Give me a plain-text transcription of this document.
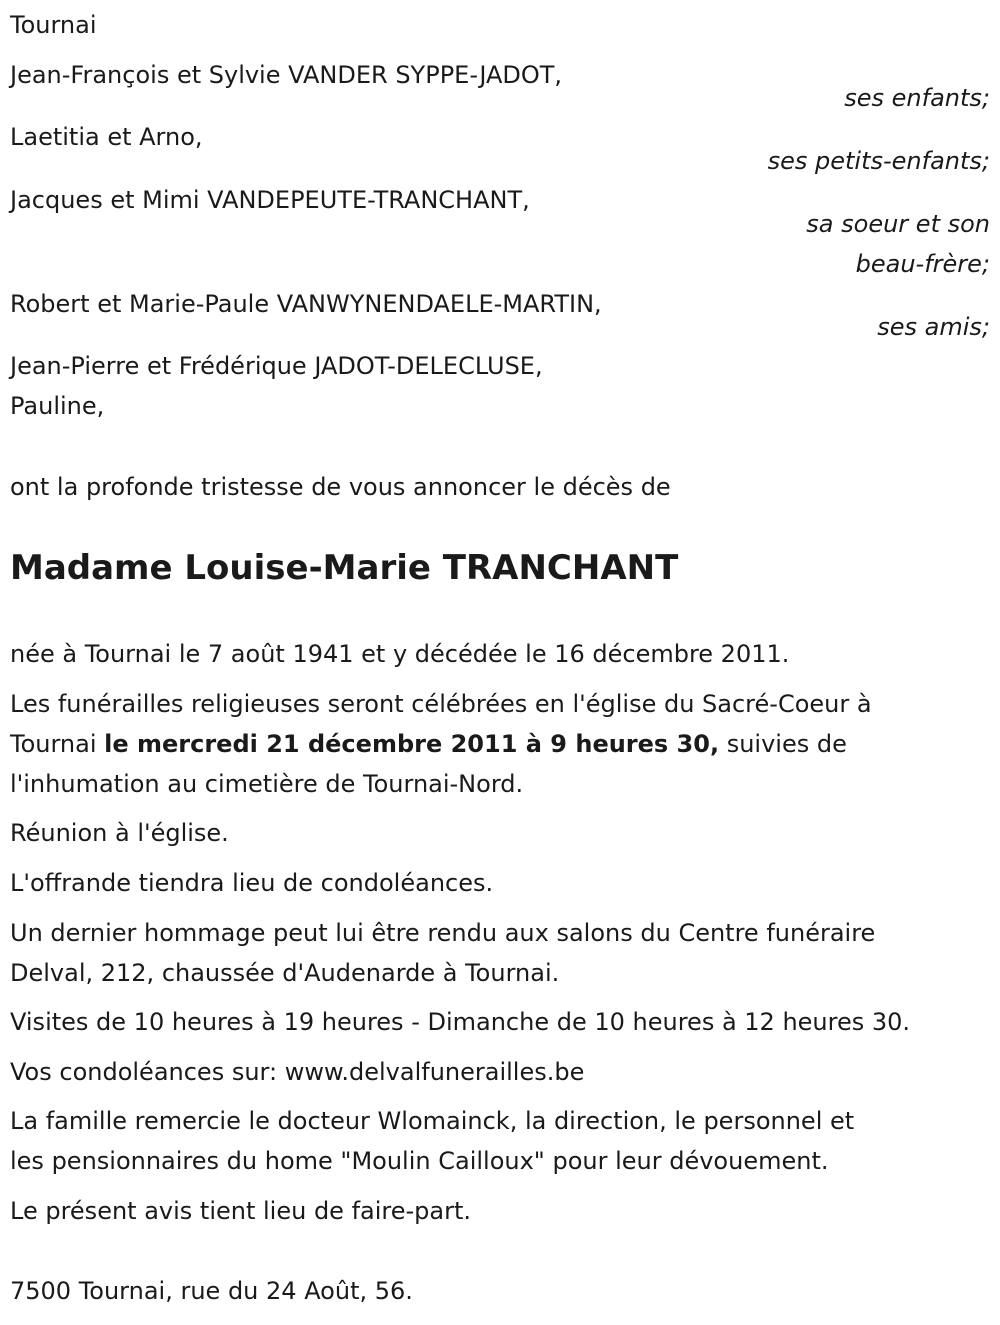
Tournai

Jean-François et Sylvie VANDER SYPPE-JADOT,

ses enfants;

Laetitia et Arno,

ses petits-enfants;

Jacques et Mimi VANDEPEUTE-TRANCHANT,

sa soeur et son

beau-frère;

Robert et Marie-Paule VANWYNENDAELE-MARTIN,

ses amis;

Jean-Pierre et Frédérique JADOT-DELECLUSE,

Pauline,

ont la profonde tristesse de vous annoncer le décès de

Madame Louise-Marie TRANCHANT

née à Tournai le 7 août 1941 et y décédée le 16 décembre 2011.

Les funérailles religieuses seront célébrées en l'église du Sacré-Coeur à

Tournai le mercredi 21 décembre 2011 à 9 heures 30, suivies de

l'inhumation au cimetière de Tournai-Nord.

Réunion à l'église.

L'offrande tiendra lieu de condoléances.

Un dernier hommage peut lui être rendu aux salons du Centre funéraire

Delval, 212, chaussée d'Audenarde à Tournai.

Visites de 10 heures à 19 heures - Dimanche de 10 heures à 12 heures 30.

Vos condoléances sur: www.delvalfunerailles.be

La famille remercie le docteur Wlomainck, la direction, le personnel et

les pensionnaires du home "Moulin Cailloux" pour leur dévouement.

Le présent avis tient lieu de faire-part.

7500 Tournai, rue du 24 Août, 56.
